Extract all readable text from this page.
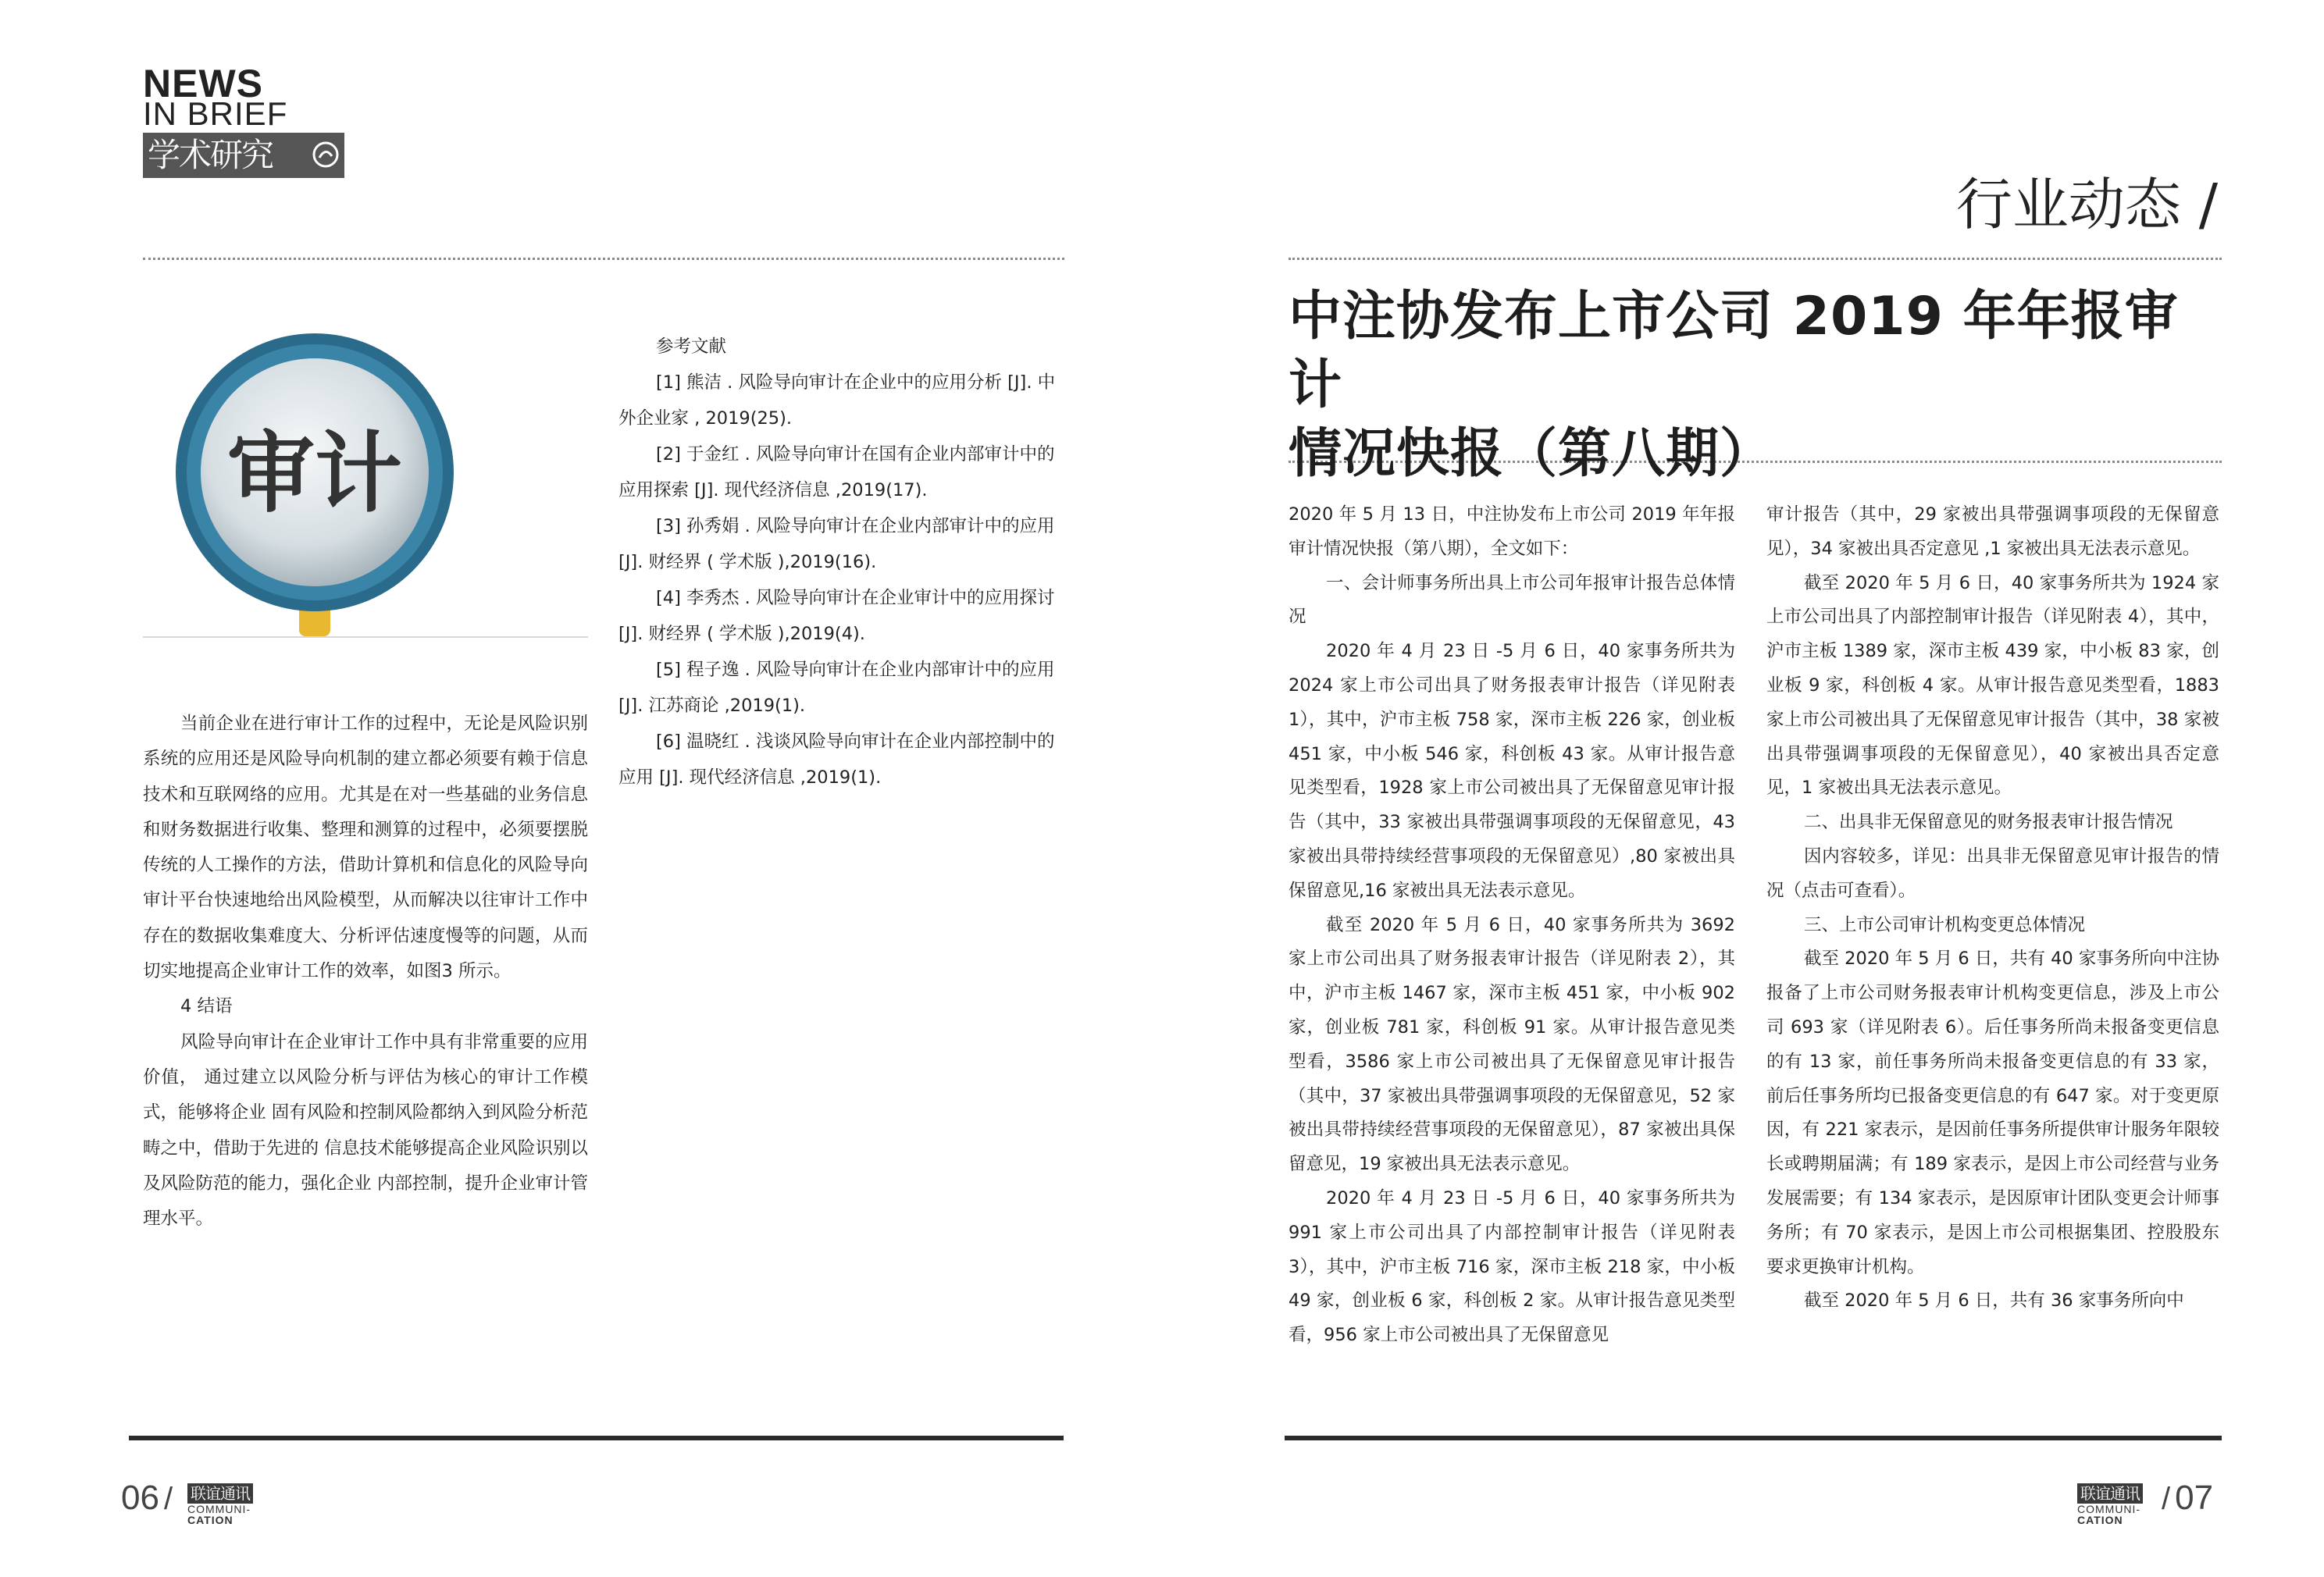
NEWS
IN BRIEF
学术研究
审计

当前企业在进行审计工作的过程中，无论是风险识别系统的应用还是风险导向机制的建立都必须要有赖于信息技术和互联网络的应用。尤其是在对一些基础的业务信息和财务数据进行收集、整理和测算的过程中，必须要摆脱传统的人工操作的方法，借助计算机和信息化的风险导向审计平台快速地给出风险模型，从而解决以往审计工作中存在的数据收集难度大、分析评估速度慢等的问题，从而切实地提高企业审计工作的效率，如图3 所示。

4 结语

风险导向审计在企业审计工作中具有非常重要的应用价值， 通过建立以风险分析与评估为核心的审计工作模式，能够将企业 固有风险和控制风险都纳入到风险分析范畴之中，借助于先进的 信息技术能够提高企业风险识别以及风险防范的能力，强化企业 内部控制，提升企业审计管理水平。

参考文献

[1] 熊洁 . 风险导向审计在企业中的应用分析 [J]. 中外企业家 , 2019(25).

[2] 于金红 . 风险导向审计在国有企业内部审计中的应用探索 [J]. 现代经济信息 ,2019(17).

[3] 孙秀娟 . 风险导向审计在企业内部审计中的应用 [J]. 财经界 ( 学术版 ),2019(16).

[4] 李秀杰 . 风险导向审计在企业审计中的应用探讨 [J]. 财经界 ( 学术版 ),2019(4).

[5] 程子逸 . 风险导向审计在企业内部审计中的应用 [J]. 江苏商论 ,2019(1).

[6] 温晓红 . 浅谈风险导向审计在企业内部控制中的应用 [J]. 现代经济信息 ,2019(1).

行业动态 /
中注协发布上市公司 2019 年年报审计
情况快报（第八期）

2020 年 5 月 13 日，中注协发布上市公司 2019 年年报审计情况快报（第八期），全文如下：

一、会计师事务所出具上市公司年报审计报告总体情况

2020 年 4 月 23 日 -5 月 6 日，40 家事务所共为 2024 家上市公司出具了财务报表审计报告（详见附表 1），其中，沪市主板 758 家，深市主板 226 家，创业板 451 家，中小板 546 家，科创板 43 家。从审计报告意见类型看，1928 家上市公司被出具了无保留意见审计报告（其中，33 家被出具带强调事项段的无保留意见，43 家被出具带持续经营事项段的无保留意见）,80 家被出具保留意见,16 家被出具无法表示意见。

截至 2020 年 5 月 6 日，40 家事务所共为 3692 家上市公司出具了财务报表审计报告（详见附表 2），其中，沪市主板 1467 家，深市主板 451 家，中小板 902 家，创业板 781 家，科创板 91 家。从审计报告意见类型看，3586 家上市公司被出具了无保留意见审计报告（其中，37 家被出具带强调事项段的无保留意见，52 家被出具带持续经营事项段的无保留意见），87 家被出具保留意见，19 家被出具无法表示意见。

2020 年 4 月 23 日 -5 月 6 日，40 家事务所共为 991 家上市公司出具了内部控制审计报告（详见附表 3），其中，沪市主板 716 家，深市主板 218 家，中小板 49 家，创业板 6 家，科创板 2 家。从审计报告意见类型看，956 家上市公司被出具了无保留意见

审计报告（其中，29 家被出具带强调事项段的无保留意见），34 家被出具否定意见 ,1 家被出具无法表示意见。

截至 2020 年 5 月 6 日，40 家事务所共为 1924 家上市公司出具了内部控制审计报告（详见附表 4），其中，沪市主板 1389 家，深市主板 439 家，中小板 83 家，创业板 9 家，科创板 4 家。从审计报告意见类型看，1883 家上市公司被出具了无保留意见审计报告（其中，38 家被出具带强调事项段的无保留意见），40 家被出具否定意见，1 家被出具无法表示意见。

二、出具非无保留意见的财务报表审计报告情况

因内容较多，详见：出具非无保留意见审计报告的情况（点击可查看）。

三、上市公司审计机构变更总体情况

截至 2020 年 5 月 6 日，共有 40 家事务所向中注协报备了上市公司财务报表审计机构变更信息，涉及上市公司 693 家（详见附表 6）。后任事务所尚未报备变更信息的有 13 家，前任事务所尚未报备变更信息的有 33 家，前后任事务所均已报备变更信息的有 647 家。对于变更原因，有 221 家表示，是因前任事务所提供审计服务年限较长或聘期届满；有 189 家表示，是因上市公司经营与业务发展需要；有 134 家表示，是因原审计团队变更会计师事务所；有 70 家表示，是因上市公司根据集团、控股股东要求更换审计机构。

截至 2020 年 5 月 6 日，共有 36 家事务所向中

06 / 联谊通讯
COMMUNI-
CATION
联谊通讯
COMMUNI-
CATION
/ 07
